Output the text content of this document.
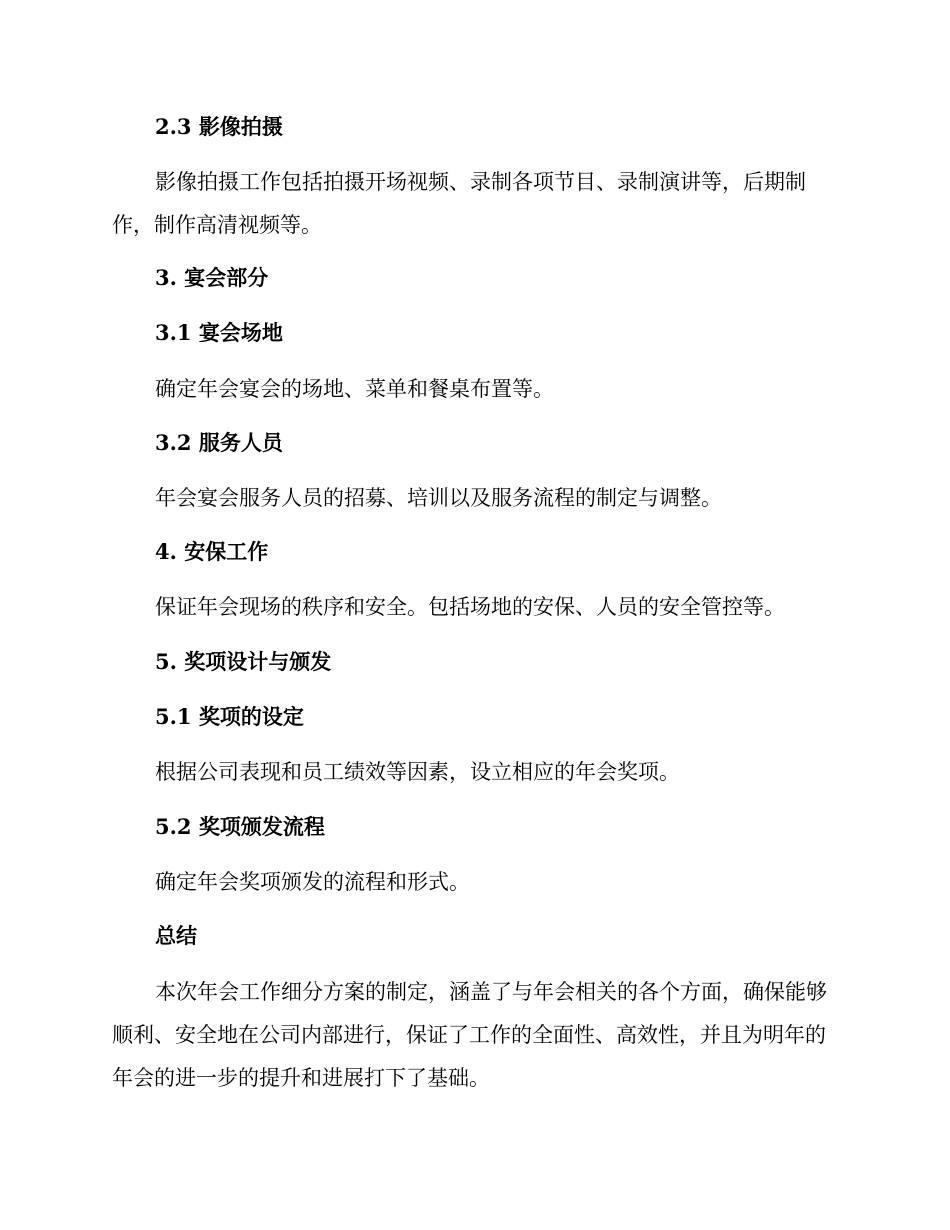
2.3 影像拍摄

影像拍摄工作包括拍摄开场视频、录制各项节目、录制演讲等，后期制作，制作高清视频等。

3. 宴会部分
3.1 宴会场地

确定年会宴会的场地、菜单和餐桌布置等。

3.2 服务人员

年会宴会服务人员的招募、培训以及服务流程的制定与调整。

4. 安保工作

保证年会现场的秩序和安全。包括场地的安保、人员的安全管控等。

5. 奖项设计与颁发
5.1 奖项的设定

根据公司表现和员工绩效等因素，设立相应的年会奖项。

5.2 奖项颁发流程

确定年会奖项颁发的流程和形式。

总结

本次年会工作细分方案的制定，涵盖了与年会相关的各个方面，确保能够顺利、安全地在公司内部进行，保证了工作的全面性、高效性，并且为明年的年会的进一步的提升和进展打下了基础。
